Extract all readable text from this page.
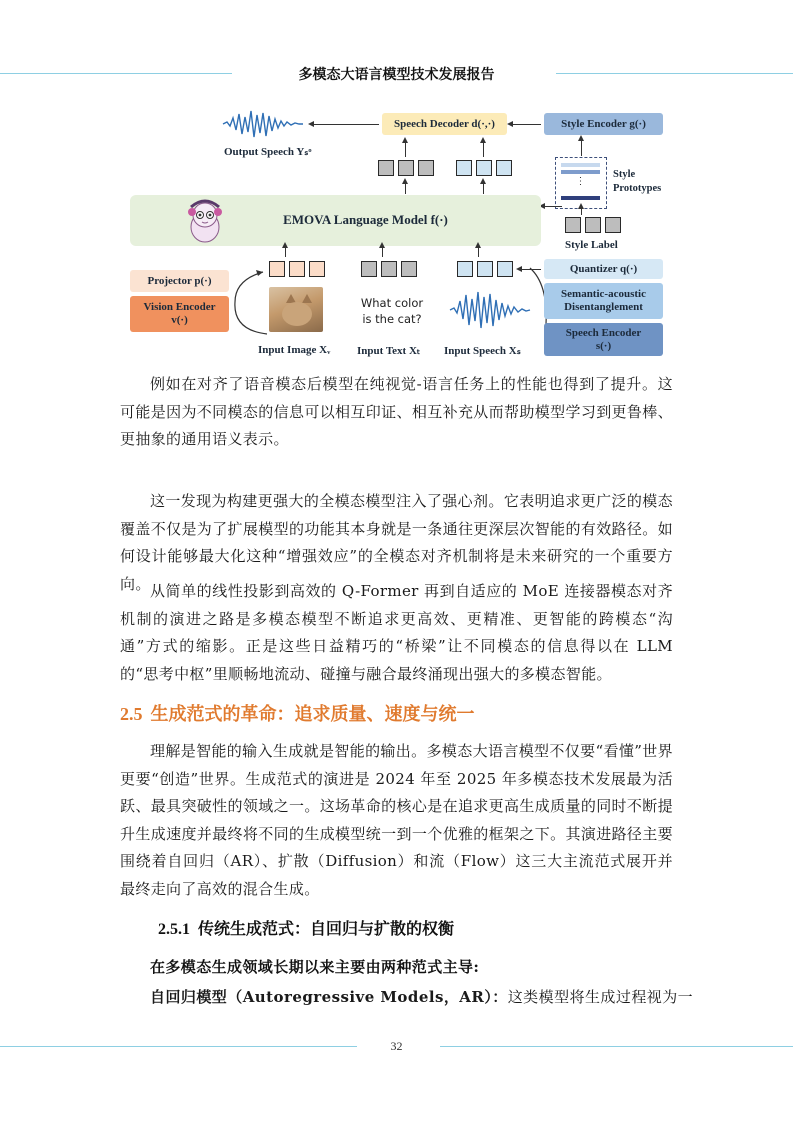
多模态大语言模型技术发展报告
Output Speech Yₛᵒ
Speech Decoder d(·,·)	Style Encoder g(·)
⋮
Style
Prototypes
Style Label
EMOVA Language Model f(·)
Projector p(·)
Vision Encoder
v(·)
What color
is the cat?
Quantizer q(·)
Semantic-acoustic
Disentanglement
Speech Encoder
s(·)
Input Image Xᵥ Input Text Xₜ Input Speech Xₛ

例如在对齐了语音模态后模型在纯视觉-语言任务上的性能也得到了提升。这可能是因为不同模态的信息可以相互印证、相互补充从而帮助模型学习到更鲁棒、更抽象的通用语义表示。

这一发现为构建更强大的全模态模型注入了强心剂。它表明追求更广泛的模态覆盖不仅是为了扩展模型的功能其本身就是一条通往更深层次智能的有效路径。如何设计能够最大化这种“增强效应”的全模态对齐机制将是未来研究的一个重要方向。 从简单的线性投影到高效的 Q-Former 再到自适应的 MoE 连接器模态对齐机制的演进之路是多模态模型不断追求更高效、更精准、更智能的跨模态“沟通”方式的缩影。正是这些日益精巧的“桥梁”让不同模态的信息得以在 LLM 的“思考中枢”里顺畅地流动、碰撞与融合最终涌现出强大的多模态智能。

2.5 生成范式的革命：追求质量、速度与统一

理解是智能的输入生成就是智能的输出。多模态大语言模型不仅要“看懂”世界更要“创造”世界。生成范式的演进是 2024 年至 2025 年多模态技术发展最为活跃、最具突破性的领域之一。这场革命的核心是在追求更高生成质量的同时不断提升生成速度并最终将不同的生成模型统一到一个优雅的框架之下。其演进路径主要围绕着自回归（AR）、扩散（Diffusion）和流（Flow）这三大主流范式展开并最终走向了高效的混合生成。

2.5.1 传统生成范式：自回归与扩散的权衡

在多模态生成领域长期以来主要由两种范式主导:

自回归模型（Autoregressive Models，AR）：这类模型将生成过程视为一

32
